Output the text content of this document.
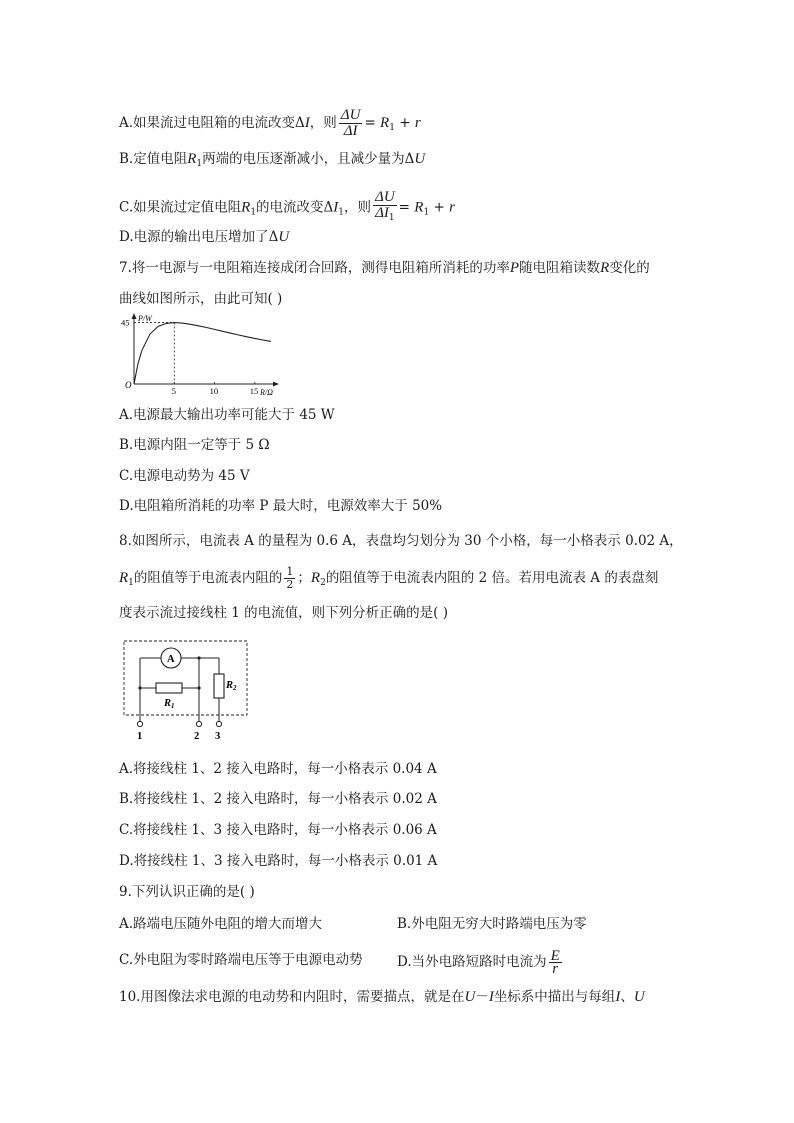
A.如果流过电阻箱的电流改变ΔI，则 $\frac{\Delta U}{\Delta I} = R_1 + r$
B.定值电阻$R_1$两端的电压逐渐减小，且减少量为ΔU
C.如果流过定值电阻$R_1$的电流改变$\Delta I_1$，则 $\frac{\Delta U}{\Delta I_1} = R_1 + r$
D.电源的输出电压增加了ΔU
7.将一电源与一电阻箱连接成闭合回路，测得电阻箱所消耗的功率P随电阻箱读数R变化的
曲线如图所示，由此可知( )
5	10	15
45
O
P/W
R/Ω
A.电源最大输出功率可能大于 45 W
B.电源内阻一定等于 5 Ω
C.电源电动势为 45 V
D.电阻箱所消耗的功率 P 最大时，电源效率大于 50%
8.如图所示，电流表 A 的量程为 0.6 A，表盘均匀划分为 30 个小格，每一小格表示 0.02 A，
$R_1$的阻值等于电流表内阻的 $\frac{1}{2}$ ；$R_2$的阻值等于电流表内阻的 2 倍。若用电流表 A 的表盘刻
度表示流过接线柱 1 的电流值，则下列分析正确的是( )
A
R1
R2
1	2 3
A.将接线柱 1、2 接入电路时，每一小格表示 0.04 A
B.将接线柱 1、2 接入电路时，每一小格表示 0.02 A
C.将接线柱 1、3 接入电路时，每一小格表示 0.06 A
D.将接线柱 1、3 接入电路时，每一小格表示 0.01 A
9.下列认识正确的是( )
A.路端电压随外电阻的增大而增大	B.外电阻无穷大时路端电压为零
C.外电阻为零时路端电压等于电源电动势	D.当外电路短路时电流为 $\frac{E}{r}$
10.用图像法求电源的电动势和内阻时，需要描点，就是在U－I坐标系中描出与每组I、U
